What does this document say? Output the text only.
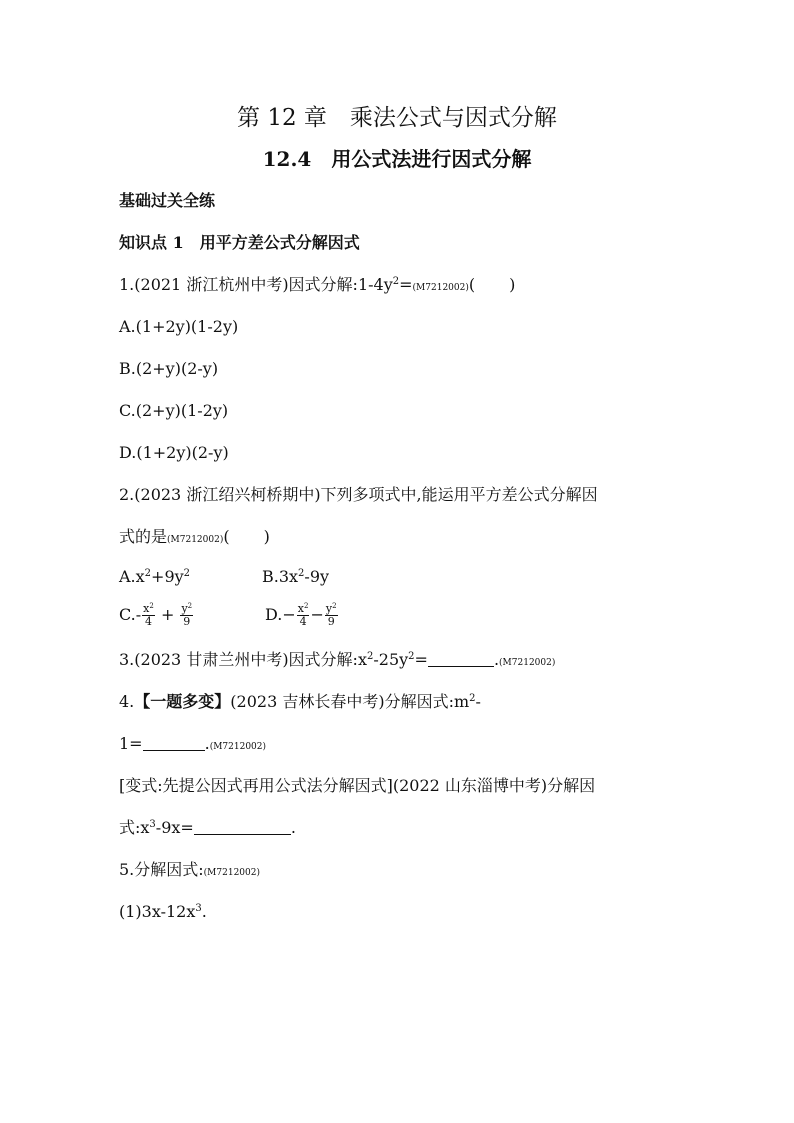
第 12 章　乘法公式与因式分解
12.4　用公式法进行因式分解
基础过关全练
知识点 1　用平方差公式分解因式
1.(2021 浙江杭州中考)因式分解$:1-4y^2=(M7212002)$( )
A.(1+2y)(1-2y)
B.(2+y)(2-y)
C.(2+y)(1-2y)
D.(1+2y)(2-y)
2.(2023 浙江绍兴柯桥期中)下列多项式中,能运用平方差公式分解因
式的是(M7212002)( )
$A.x^2+9y^2$	$B.3x^2-9y$
$C.- \frac{x^2}{4} + \frac{y^2}{9}$	$D.- \frac{x^2}{4} - \frac{y^2}{9}$
3.(2023 甘肃兰州中考)因式分解$:x^2-25y^2=$	.(M7212002)
4.【一题多变】(2023 吉林长春中考)分解因式$:m^2-$
1=	.(M7212002)
[变式:先提公因式再用公式法分解因式](2022 山东淄博中考)分解因
式$:x^3-9x=$	.
5.分解因式:(M7212002)
$(1)3x-12x^3$.
